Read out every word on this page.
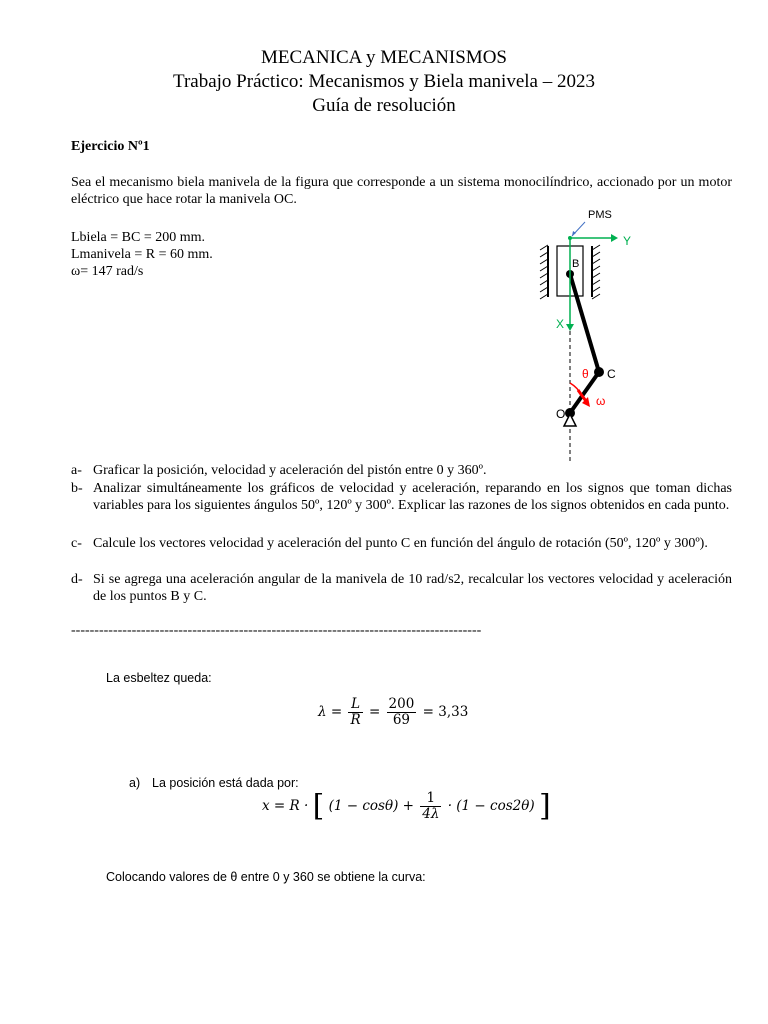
MECANICA y MECANISMOS
Trabajo Práctico: Mecanismos y Biela manivela – 2023
Guía de resolución
Ejercicio Nº1
Sea el mecanismo biela manivela de la figura que corresponde a un sistema monocilíndrico, accionado por un motor eléctrico que hace rotar la manivela OC.
Lbiela = BC = 200 mm.
Lmanivela = R = 60 mm.
ω= 147 rad/s
PMS
Y
X
B
C
O
θ
ω
a- Graficar la posición, velocidad y aceleración del pistón entre 0 y 360º.
b- Analizar simultáneamente los gráficos de velocidad y aceleración, reparando en los signos que toman dichas variables para los siguientes ángulos 50º, 120º y 300º. Explicar las razones de los signos obtenidos en cada punto.
c- Calcule los vectores velocidad y aceleración del punto C en función del ángulo de rotación (50º, 120º y 300º).
d- Si se agrega una aceleración angular de la manivela de 10 rad/s2, recalcular los vectores velocidad y aceleración de los puntos B y C.
----------------------------------------------------------------------------------------
La esbeltez queda:
$\lambda = \frac{L}{R} = \frac{200}{69} = 3,33$
a) La posición está dada por:
x = R · [ $(1 - \cos\theta) + \frac{1}{4\lambda} \cdot (1 - \cos 2\theta)$ ]
Colocando valores de θ entre 0 y 360 se obtiene la curva:
